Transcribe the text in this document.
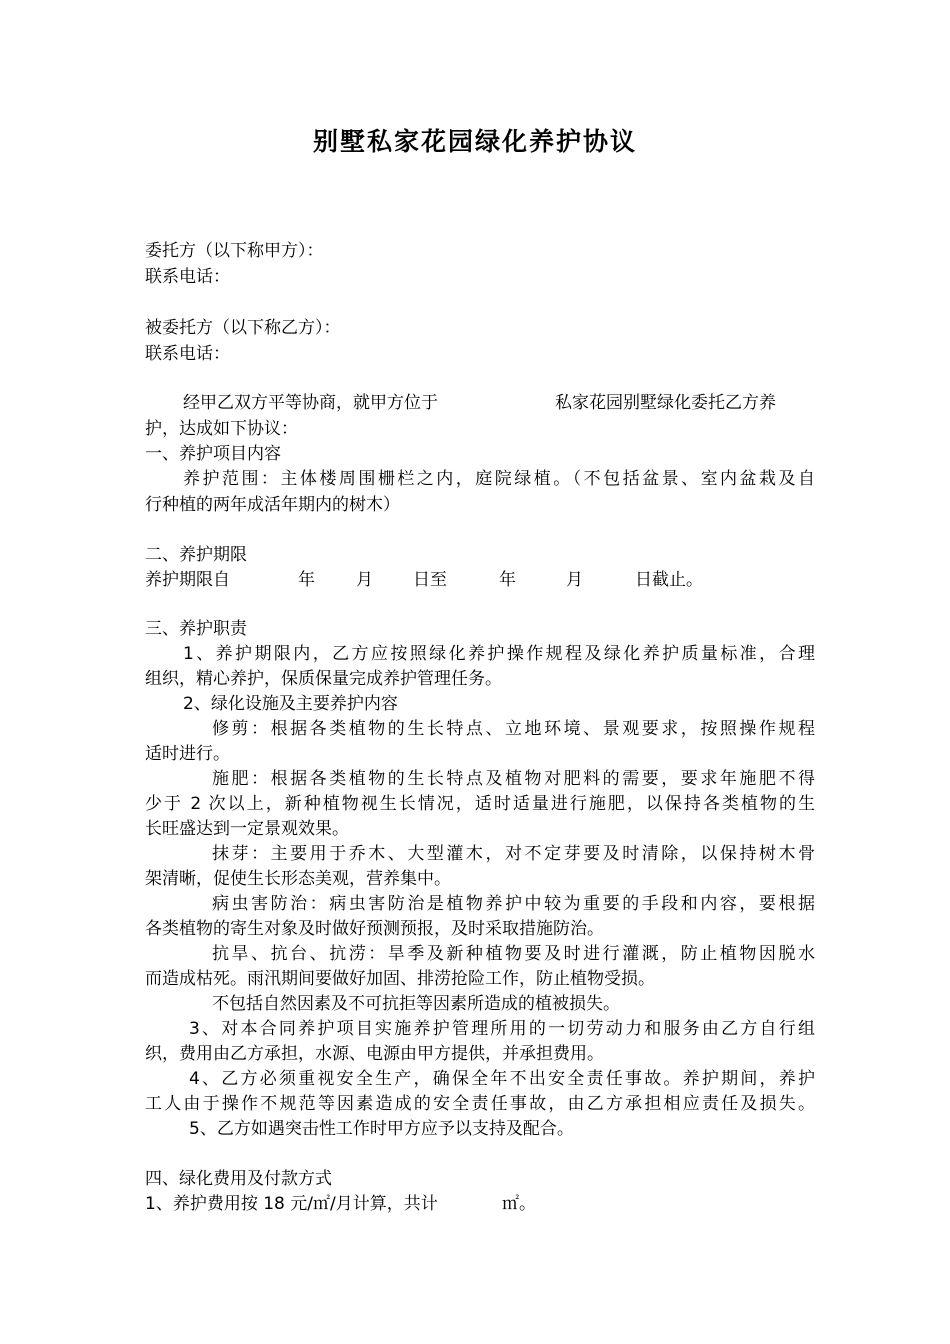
别墅私家花园绿化养护协议
委托方（以下称甲方）：
联系电话：
被委托方（以下称乙方）：
联系电话：
经甲乙双方平等协商，就甲方位于	私家花园别墅绿化委托乙方养
护，达成如下协议：
一、养护项目内容
养护范围：主体楼周围栅栏之内，庭院绿植。（不包括盆景、室内盆栽及自
行种植的两年成活年期内的树木）
二、养护期限
养护期限自	年 月 日至	年	月	日截止。
三、养护职责
1、养护期限内，乙方应按照绿化养护操作规程及绿化养护质量标准，合理
组织，精心养护，保质保量完成养护管理任务。
2、绿化设施及主要养护内容
修剪：根据各类植物的生长特点、立地环境、景观要求，按照操作规程
适时进行。
施肥：根据各类植物的生长特点及植物对肥料的需要，要求年施肥不得
少于 2 次以上，新种植物视生长情况，适时适量进行施肥，以保持各类植物的生
长旺盛达到一定景观效果。
抹芽：主要用于乔木、大型灌木，对不定芽要及时清除，以保持树木骨
架清晰，促使生长形态美观，营养集中。
病虫害防治：病虫害防治是植物养护中较为重要的手段和内容，要根据
各类植物的寄生对象及时做好预测预报，及时采取措施防治。
抗旱、抗台、抗涝：旱季及新种植物要及时进行灌溉，防止植物因脱水
而造成枯死。雨汛期间要做好加固、排涝抢险工作，防止植物受损。
不包括自然因素及不可抗拒等因素所造成的植被损失。
3、对本合同养护项目实施养护管理所用的一切劳动力和服务由乙方自行组
织，费用由乙方承担，水源、电源由甲方提供，并承担费用。
4、乙方必须重视安全生产，确保全年不出安全责任事故。养护期间，养护
工人由于操作不规范等因素造成的安全责任事故，由乙方承担相应责任及损失。
5、乙方如遇突击性工作时甲方应予以支持及配合。
四、绿化费用及付款方式
1、养护费用按 18 元/㎡/月计算，共计	㎡。
